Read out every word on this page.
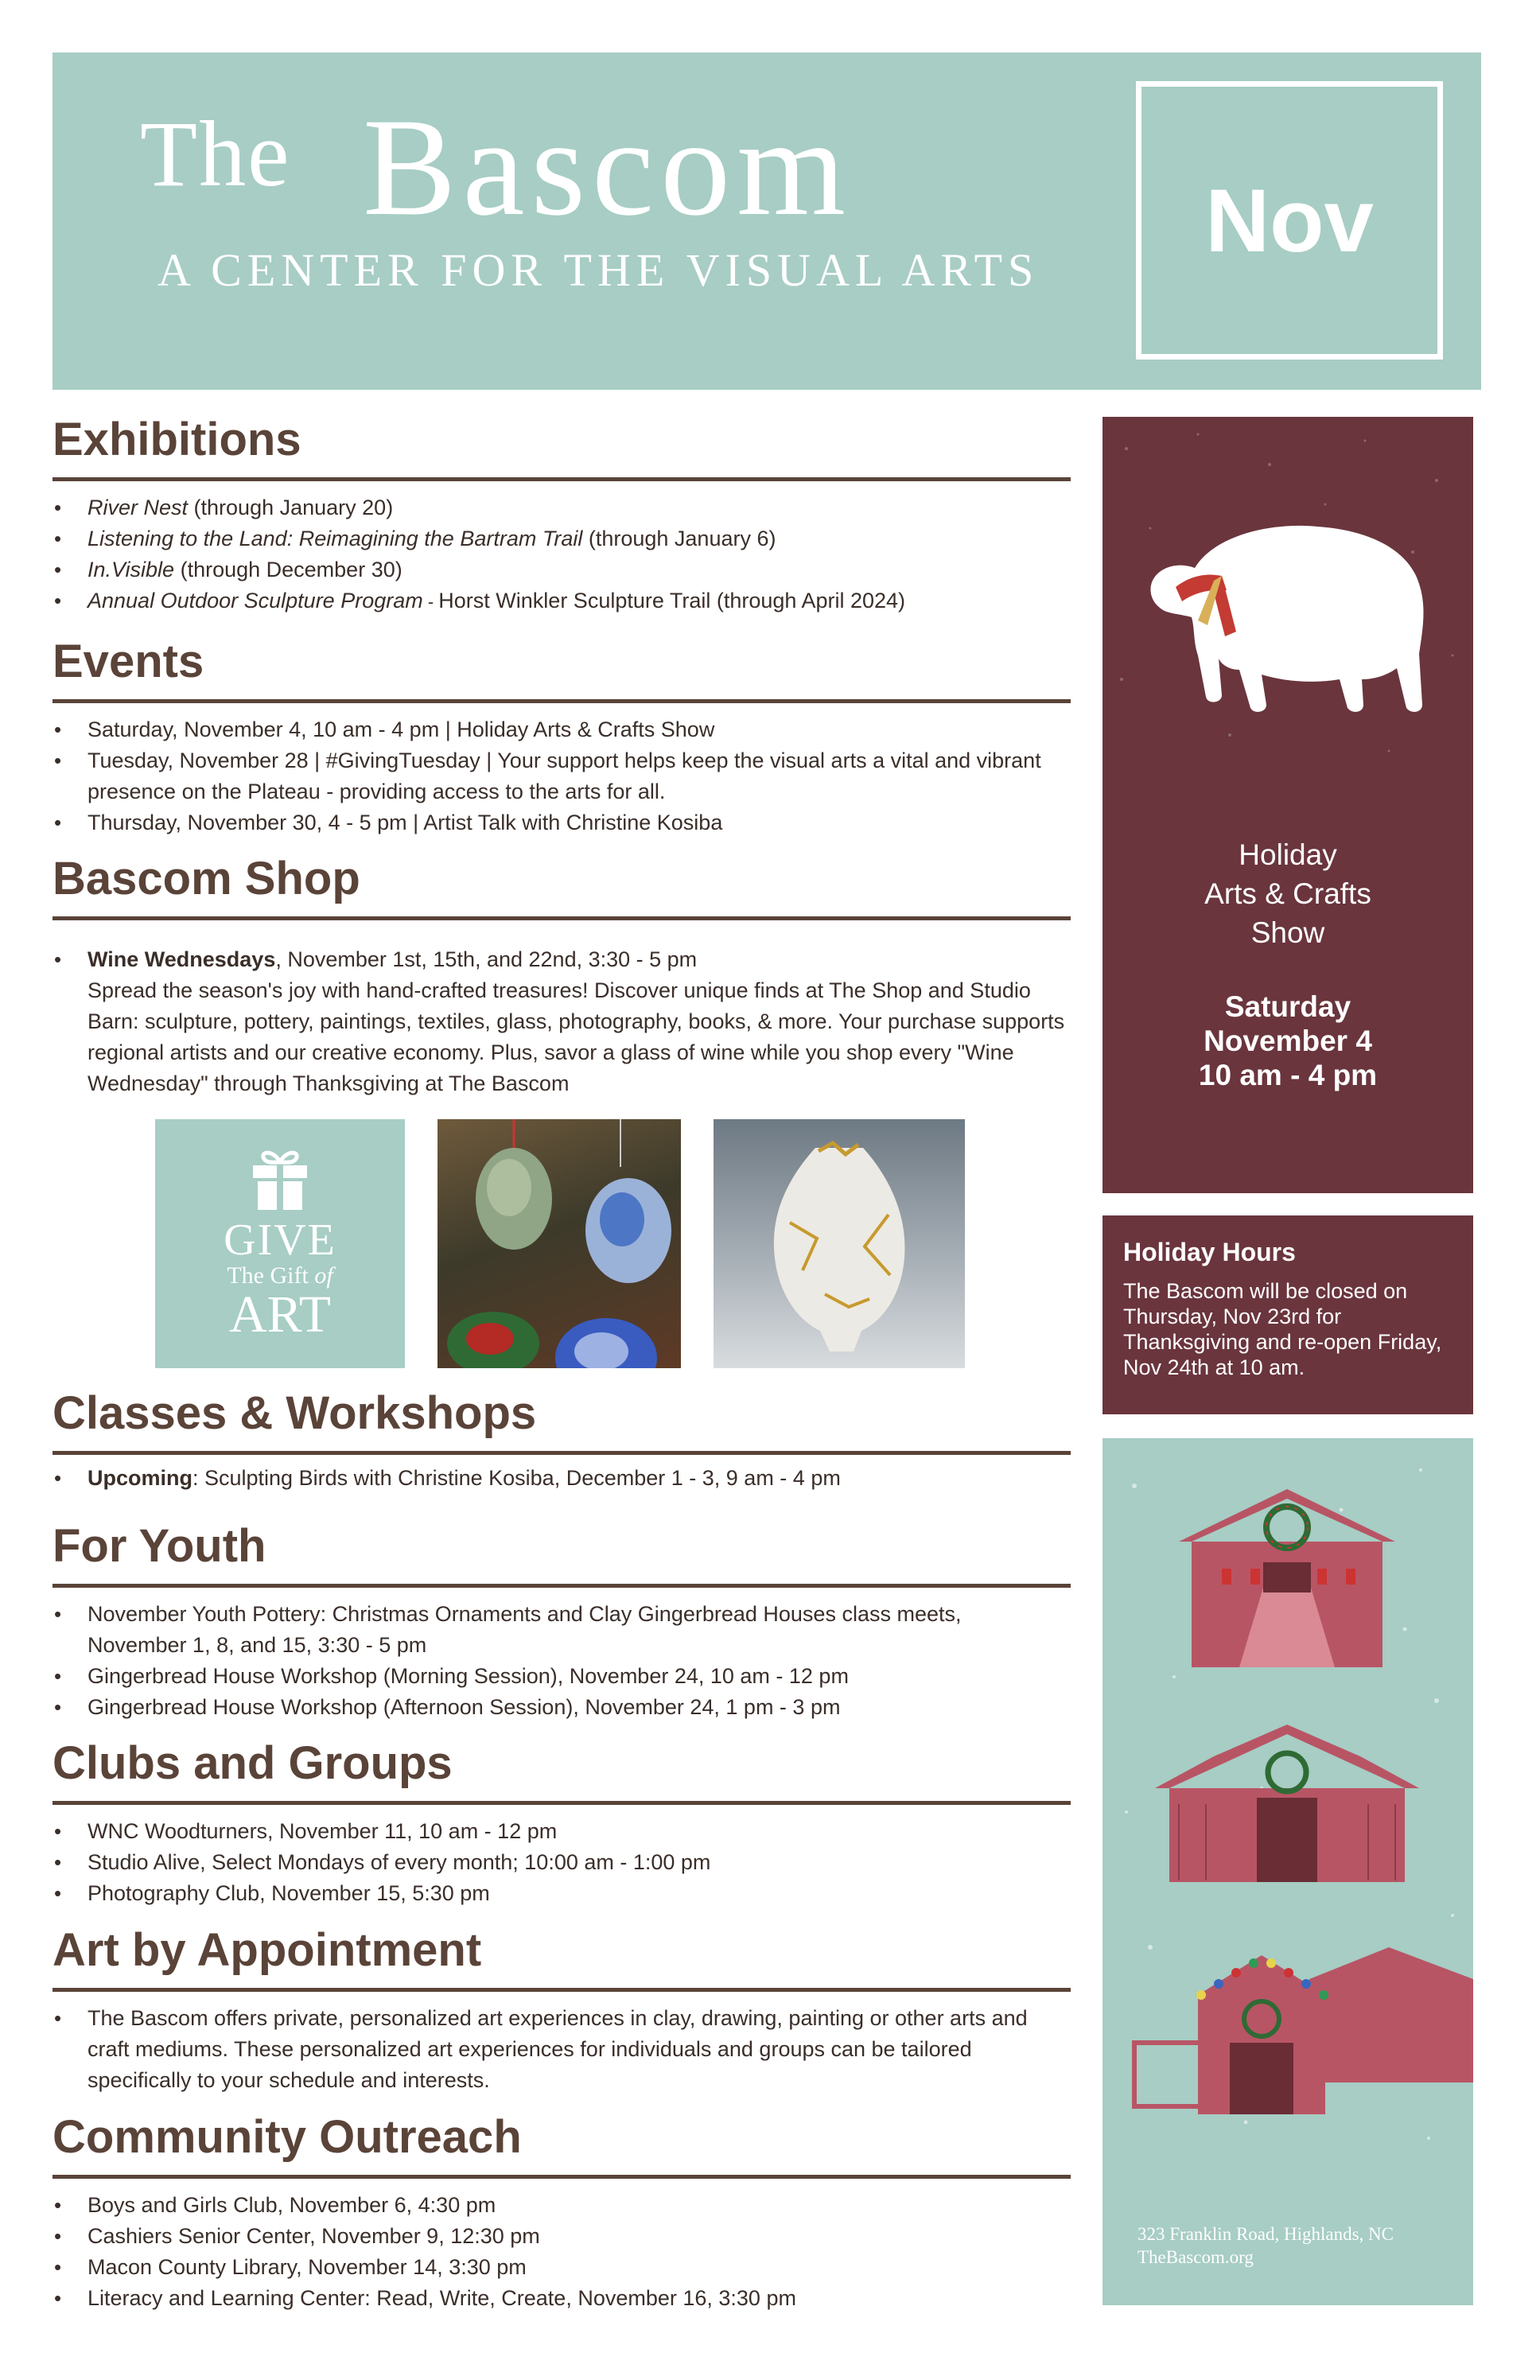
The Bascom
A CENTER FOR THE VISUAL ARTS Nov
Exhibitions
• River Nest (through January 20)
• Listening to the Land: Reimagining the Bartram Trail (through January 6)
• In.Visible (through December 30)
• Annual Outdoor Sculpture Program - Horst Winkler Sculpture Trail (through April 2024)
Events
• Saturday, November 4, 10 am - 4 pm | Holiday Arts & Crafts Show
• Tuesday, November 28 | #GivingTuesday | Your support helps keep the visual arts a vital and vibrant presence on the Plateau - providing access to the arts for all.
• Thursday, November 30, 4 - 5 pm | Artist Talk with Christine Kosiba
Bascom Shop
• Wine Wednesdays, November 1st, 15th, and 22nd, 3:30 - 5 pm
Spread the season's joy with hand-crafted treasures! Discover unique finds at The Shop and Studio Barn: sculpture, pottery, paintings, textiles, glass, photography, books, & more. Your purchase supports regional artists and our creative economy. Plus, savor a glass of wine while you shop every "Wine Wednesday" through Thanksgiving at The Bascom
GIVE
The Gift of
ART
Classes & Workshops
• Upcoming: Sculpting Birds with Christine Kosiba, December 1 - 3, 9 am - 4 pm
For Youth
• November Youth Pottery: Christmas Ornaments and Clay Gingerbread Houses class meets, November 1, 8, and 15, 3:30 - 5 pm
• Gingerbread House Workshop (Morning Session), November 24, 10 am - 12 pm
• Gingerbread House Workshop (Afternoon Session), November 24, 1 pm - 3 pm
Clubs and Groups
• WNC Woodturners, November 11, 10 am - 12 pm
• Studio Alive, Select Mondays of every month; 10:00 am - 1:00 pm
• Photography Club, November 15, 5:30 pm
Art by Appointment
• The Bascom offers private, personalized art experiences in clay, drawing, painting or other arts and craft mediums. These personalized art experiences for individuals and groups can be tailored specifically to your schedule and interests.
Community Outreach
• Boys and Girls Club, November 6, 4:30 pm
• Cashiers Senior Center, November 9, 12:30 pm
• Macon County Library, November 14, 3:30 pm
• Literacy and Learning Center: Read, Write, Create, November 16, 3:30 pm
Holiday
Arts & Crafts
Show
Saturday
November 4
10 am - 4 pm
Holiday Hours
The Bascom will be closed on Thursday, Nov 23rd for Thanksgiving and re-open Friday, Nov 24th at 10 am.
323 Franklin Road, Highlands, NC
TheBascom.org
